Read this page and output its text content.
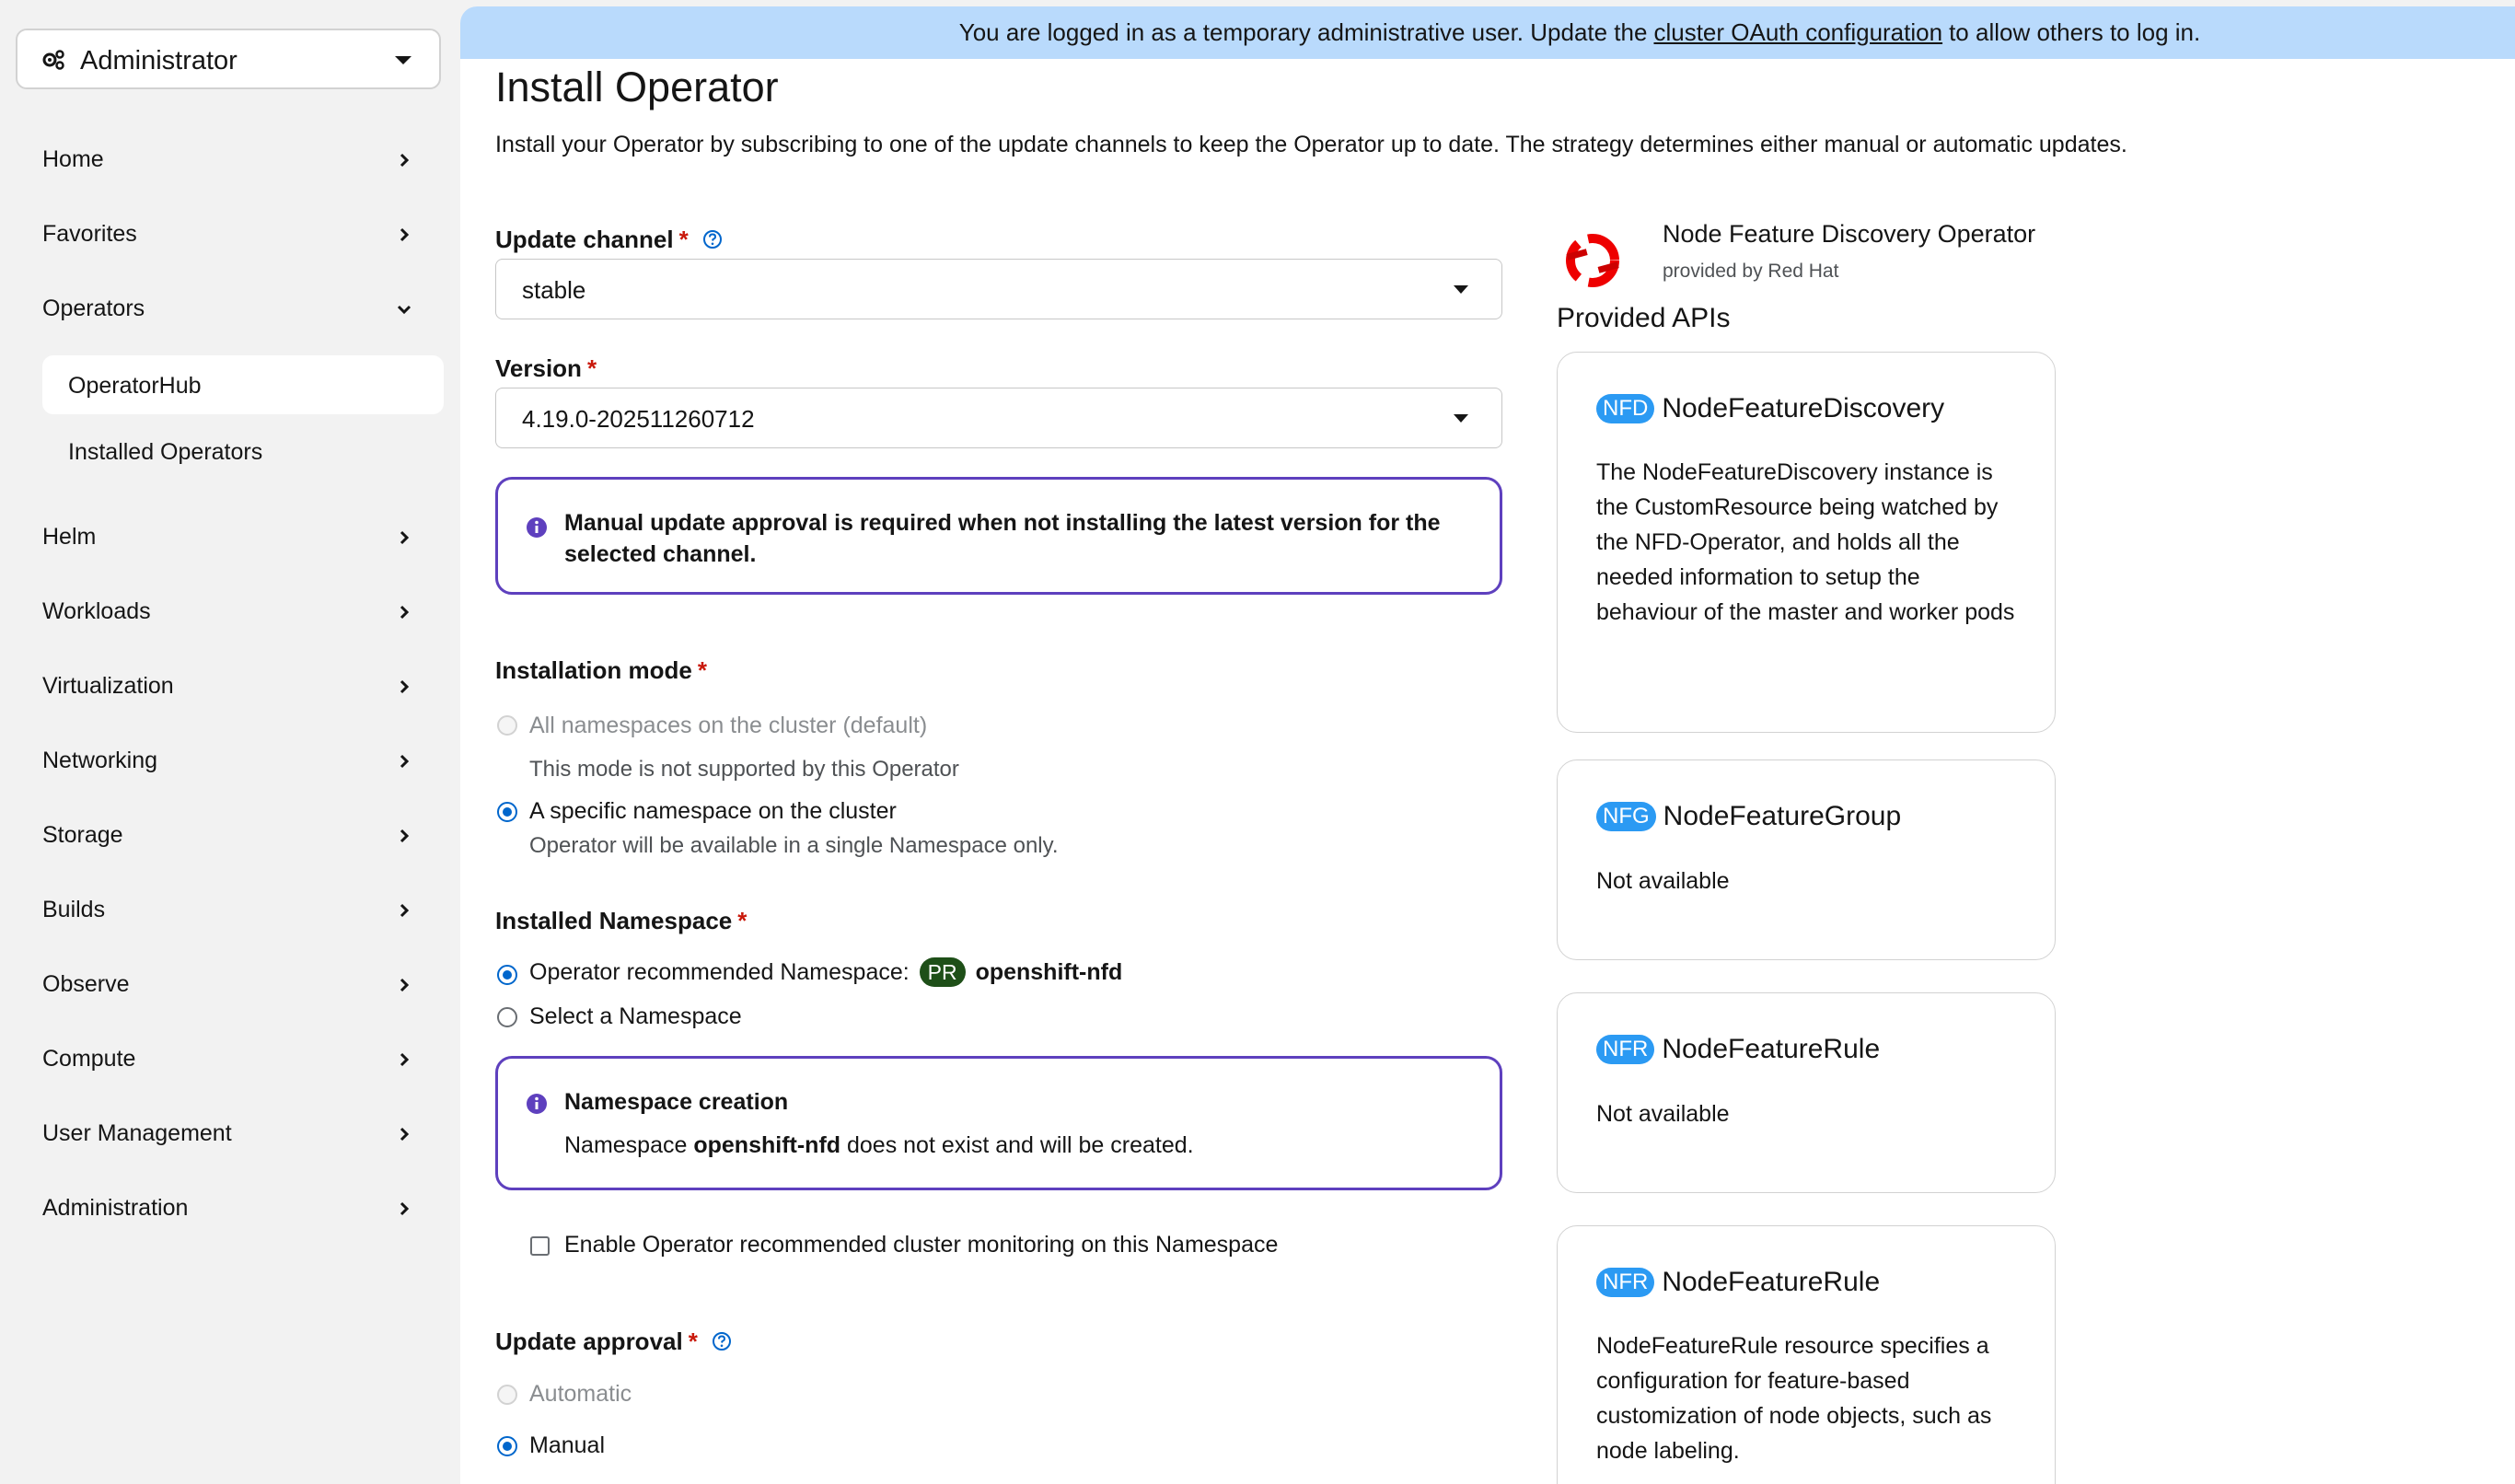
Administrator
Home
Favorites
Operators
OperatorHub
Installed Operators
Helm
Workloads
Virtualization
Networking
Storage
Builds
Observe
Compute
User Management
Administration
You are logged in as a temporary administrative user. Update the cluster OAuth configuration to allow others to log in.
Install Operator
Install your Operator by subscribing to one of the update channels to keep the Operator up to date. The strategy determines either manual or automatic updates.
Update channel *
stable
Version *
4.19.0-202511260712
Manual update approval is required when not installing the latest version for the selected channel.
Installation mode *
All namespaces on the cluster (default)
This mode is not supported by this Operator
A specific namespace on the cluster
Operator will be available in a single Namespace only.
Installed Namespace *
Operator recommended Namespace: PR openshift-nfd
Select a Namespace
Namespace creation
Namespace openshift-nfd does not exist and will be created.
Enable Operator recommended cluster monitoring on this Namespace
Update approval *
Automatic
Manual
Node Feature Discovery Operator
provided by Red Hat
Provided APIs
NFD NodeFeatureDiscovery
The NodeFeatureDiscovery instance is the CustomResource being watched by the NFD-Operator, and holds all the needed information to setup the behaviour of the master and worker pods
NFG NodeFeatureGroup
Not available
NFR NodeFeatureRule
Not available
NFR NodeFeatureRule
NodeFeatureRule resource specifies a configuration for feature-based customization of node objects, such as node labeling.
